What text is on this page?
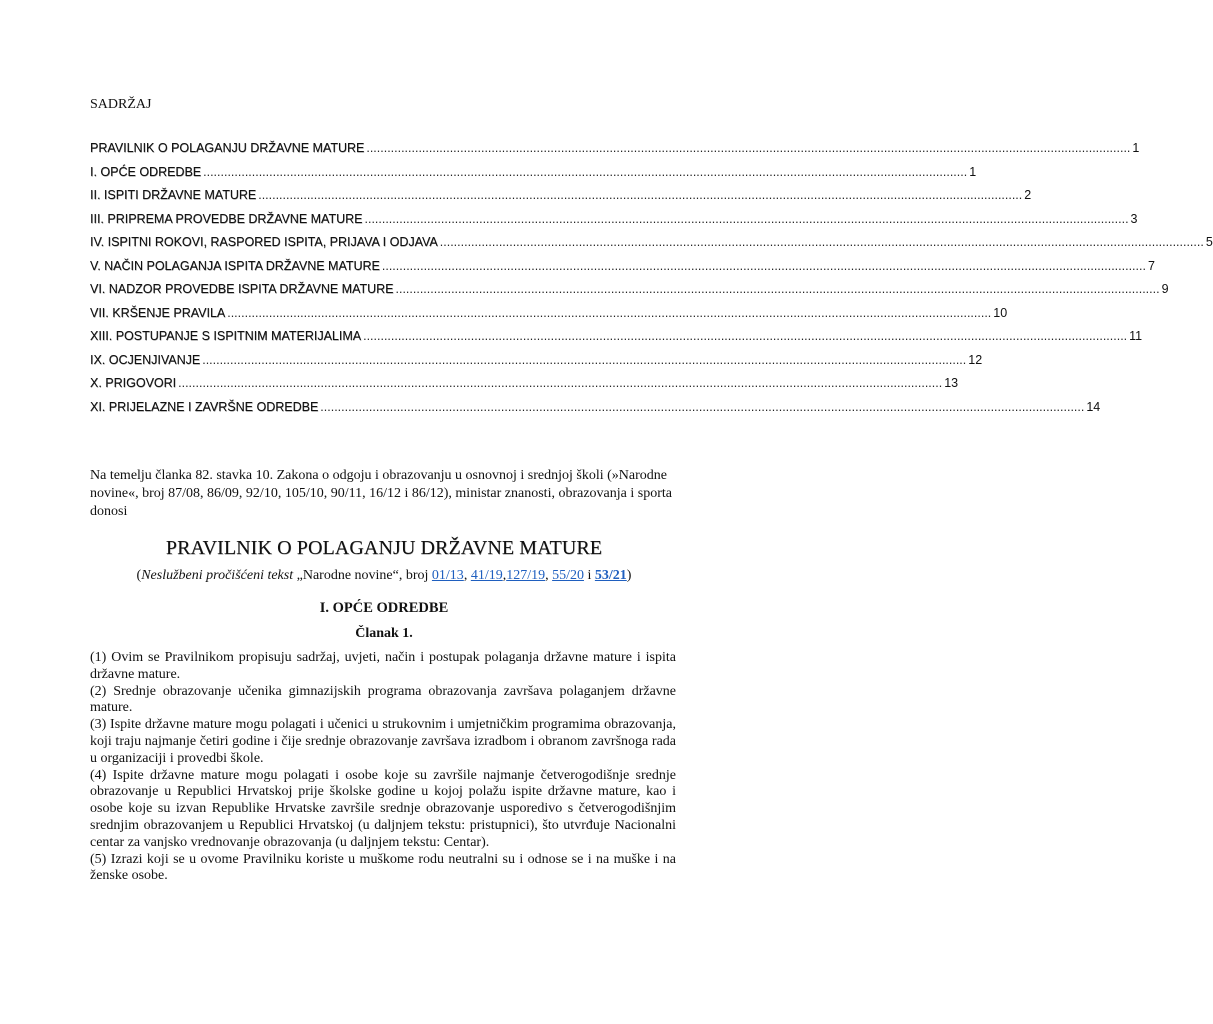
SADRŽAJ
PRAVILNIK O POLAGANJU DRŽAVNE MATURE ............................................................................................................................................................................................................................ 1
I. OPĆE ODREDBE ............................................................................................................................................................................................................................ 1
II. ISPITI DRŽAVNE MATURE ............................................................................................................................................................................................................................ 2
III. PRIPREMA PROVEDBE DRŽAVNE MATURE ............................................................................................................................................................................................................................ 3
IV. ISPITNI ROKOVI, RASPORED ISPITA, PRIJAVA I ODJAVA ............................................................................................................................................................................................................................ 5
V. NAČIN POLAGANJA ISPITA DRŽAVNE MATURE ............................................................................................................................................................................................................................ 7
VI. NADZOR PROVEDBE ISPITA DRŽAVNE MATURE ............................................................................................................................................................................................................................ 9
VII. KRŠENJE PRAVILA ............................................................................................................................................................................................................................ 10
XIII. POSTUPANJE S ISPITNIM MATERIJALIMA ............................................................................................................................................................................................................................ 11
IX. OCJENJIVANJE ............................................................................................................................................................................................................................ 12
X. PRIGOVORI ............................................................................................................................................................................................................................ 13
XI. PRIJELAZNE I ZAVRŠNE ODREDBE ............................................................................................................................................................................................................................ 14

Na temelju članka 82. stavka 10. Zakona o odgoju i obrazovanju u osnovnoj i srednjoj školi (»Narodne novine«, broj 87/08, 86/09, 92/10, 105/10, 90/11, 16/12 i 86/12), ministar znanosti, obrazovanja i sporta donosi

PRAVILNIK O POLAGANJU DRŽAVNE MATURE

(Neslužbeni pročišćeni tekst „Narodne novine“, broj 01/13, 41/19,127/19, 55/20 i 53/21)

I. OPĆE ODREDBE
Članak 1.

(1) Ovim se Pravilnikom propisuju sadržaj, uvjeti, način i postupak polaganja državne mature i ispita državne mature.

(2) Srednje obrazovanje učenika gimnazijskih programa obrazovanja završava polaganjem državne mature.

(3) Ispite državne mature mogu polagati i učenici u strukovnim i umjetničkim programima obrazovanja, koji traju najmanje četiri godine i čije srednje obrazovanje završava izradbom i obranom završnoga rada u organizaciji i provedbi škole.

(4) Ispite državne mature mogu polagati i osobe koje su završile najmanje četverogodišnje srednje obrazovanje u Republici Hrvatskoj prije školske godine u kojoj polažu ispite državne mature, kao i osobe koje su izvan Republike Hrvatske završile srednje obrazovanje usporedivo s četverogodišnjim srednjim obrazovanjem u Republici Hrvatskoj (u daljnjem tekstu: pristupnici), što utvrđuje Nacionalni centar za vanjsko vrednovanje obrazovanja (u daljnjem tekstu: Centar).

(5) Izrazi koji se u ovome Pravilniku koriste u muškome rodu neutralni su i odnose se i na muške i na ženske osobe.
